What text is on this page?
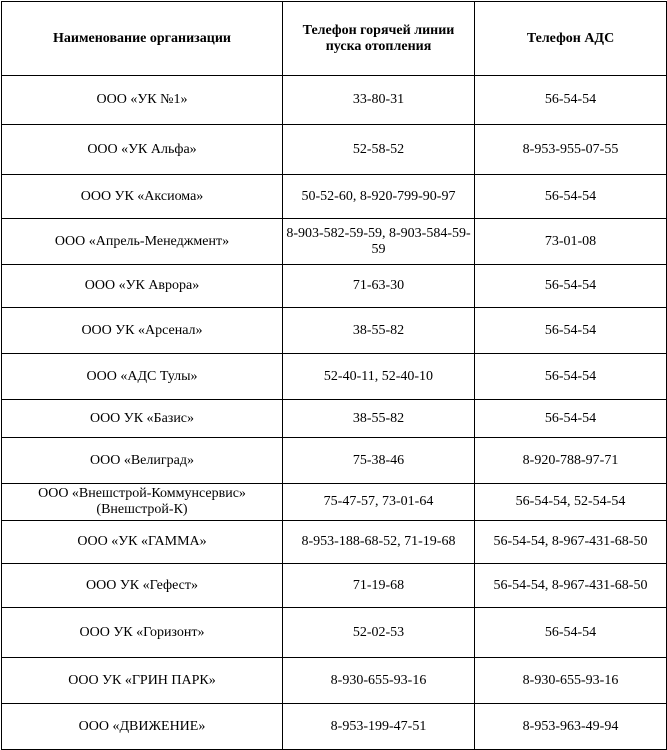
Наименование организации	Телефон горячей линии пуска отопления	Телефон АДС
ООО «УК №1»	33-80-31	56-54-54
ООО «УК Альфа»	52-58-52	8-953-955-07-55
ООО УК «Аксиома»	50-52-60, 8-920-799-90-97	56-54-54
ООО «Апрель-Менеджмент»	8-903-582-59-59, 8-903-584-59-59	73-01-08
ООО «УК Аврора»	71-63-30	56-54-54
ООО УК «Арсенал»	38-55-82	56-54-54
ООО «АДС Тулы»	52-40-11, 52-40-10	56-54-54
ООО УК «Базис»	38-55-82	56-54-54
ООО «Велиград»	75-38-46	8-920-788-97-71
ООО «Внешстрой-Коммунсервис» (Внешстрой-К)	75-47-57, 73-01-64	56-54-54, 52-54-54
ООО «УК «ГАММА»	8-953-188-68-52, 71-19-68	56-54-54, 8-967-431-68-50
ООО УК «Гефест»	71-19-68	56-54-54, 8-967-431-68-50
ООО УК «Горизонт»	52-02-53	56-54-54
ООО УК «ГРИН ПАРК»	8-930-655-93-16	8-930-655-93-16
ООО «ДВИЖЕНИЕ»	8-953-199-47-51	8-953-963-49-94
